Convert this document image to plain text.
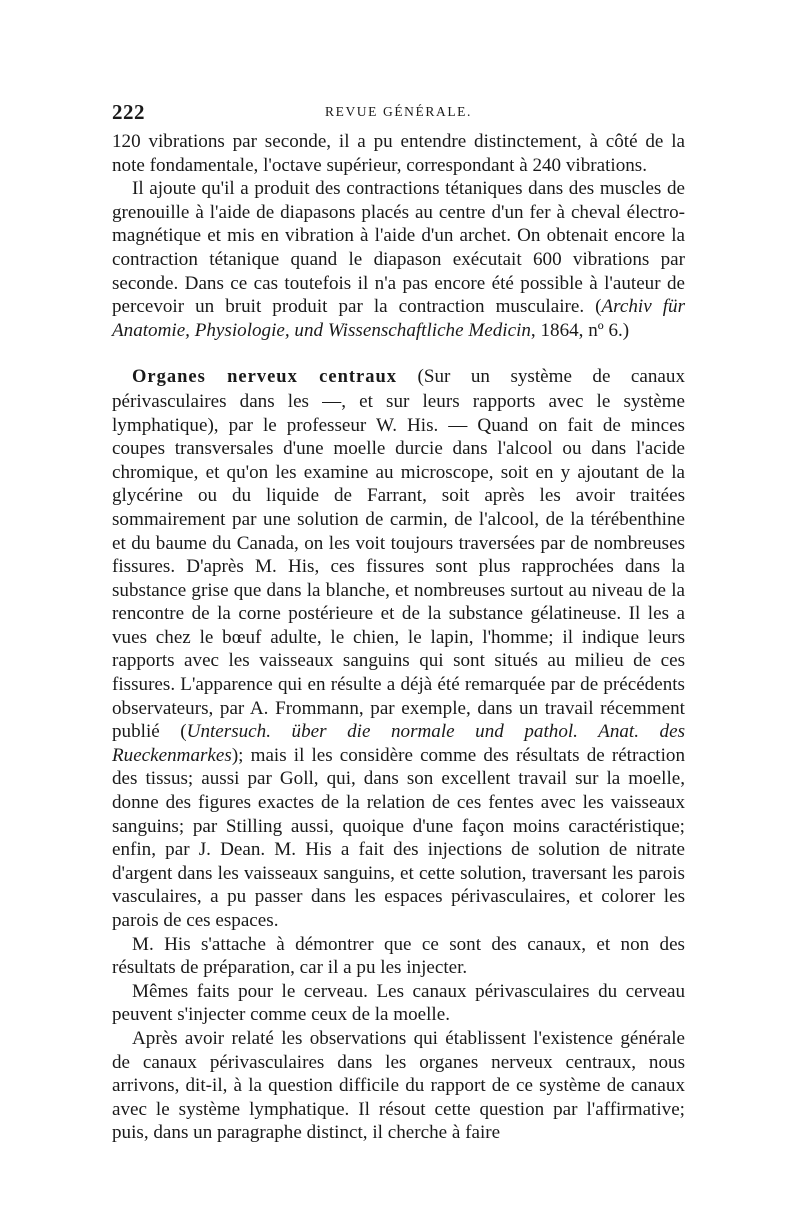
222	REVUE GÉNÉRALE.

120 vibrations par seconde, il a pu entendre distinctement, à côté de la note fondamentale, l'octave supérieur, correspondant à 240 vibrations.

Il ajoute qu'il a produit des contractions tétaniques dans des muscles de grenouille à l'aide de diapasons placés au centre d'un fer à cheval électro-magnétique et mis en vibration à l'aide d'un archet. On obtenait encore la contraction tétanique quand le diapason exécutait 600 vibrations par seconde. Dans ce cas toutefois il n'a pas encore été possible à l'auteur de percevoir un bruit produit par la contraction musculaire. (Archiv für Anatomie, Physiologie, und Wissenschaftliche Medicin, 1864, nº 6.)

Organes nerveux centraux (Sur un système de canaux périvasculaires dans les —, et sur leurs rapports avec le système lymphatique), par le professeur W. His. — Quand on fait de minces coupes transversales d'une moelle durcie dans l'alcool ou dans l'acide chromique, et qu'on les examine au microscope, soit en y ajoutant de la glycérine ou du liquide de Farrant, soit après les avoir traitées sommairement par une solution de carmin, de l'alcool, de la térébenthine et du baume du Canada, on les voit toujours traversées par de nombreuses fissures. D'après M. His, ces fissures sont plus rapprochées dans la substance grise que dans la blanche, et nombreuses surtout au niveau de la rencontre de la corne postérieure et de la substance gélatineuse. Il les a vues chez le bœuf adulte, le chien, le lapin, l'homme; il indique leurs rapports avec les vaisseaux sanguins qui sont situés au milieu de ces fissures. L'apparence qui en résulte a déjà été remarquée par de précédents observateurs, par A. Frommann, par exemple, dans un travail récemment publié (Untersuch. über die normale und pathol. Anat. des Rueckenmarkes); mais il les considère comme des résultats de rétraction des tissus; aussi par Goll, qui, dans son excellent travail sur la moelle, donne des figures exactes de la relation de ces fentes avec les vaisseaux sanguins; par Stilling aussi, quoique d'une façon moins caractéristique; enfin, par J. Dean. M. His a fait des injections de solution de nitrate d'argent dans les vaisseaux sanguins, et cette solution, traversant les parois vasculaires, a pu passer dans les espaces périvasculaires, et colorer les parois de ces espaces.

M. His s'attache à démontrer que ce sont des canaux, et non des résultats de préparation, car il a pu les injecter.

Mêmes faits pour le cerveau. Les canaux périvasculaires du cerveau peuvent s'injecter comme ceux de la moelle.

Après avoir relaté les observations qui établissent l'existence générale de canaux périvasculaires dans les organes nerveux centraux, nous arrivons, dit-il, à la question difficile du rapport de ce système de canaux avec le système lymphatique. Il résout cette question par l'affirmative; puis, dans un paragraphe distinct, il cherche à faire
